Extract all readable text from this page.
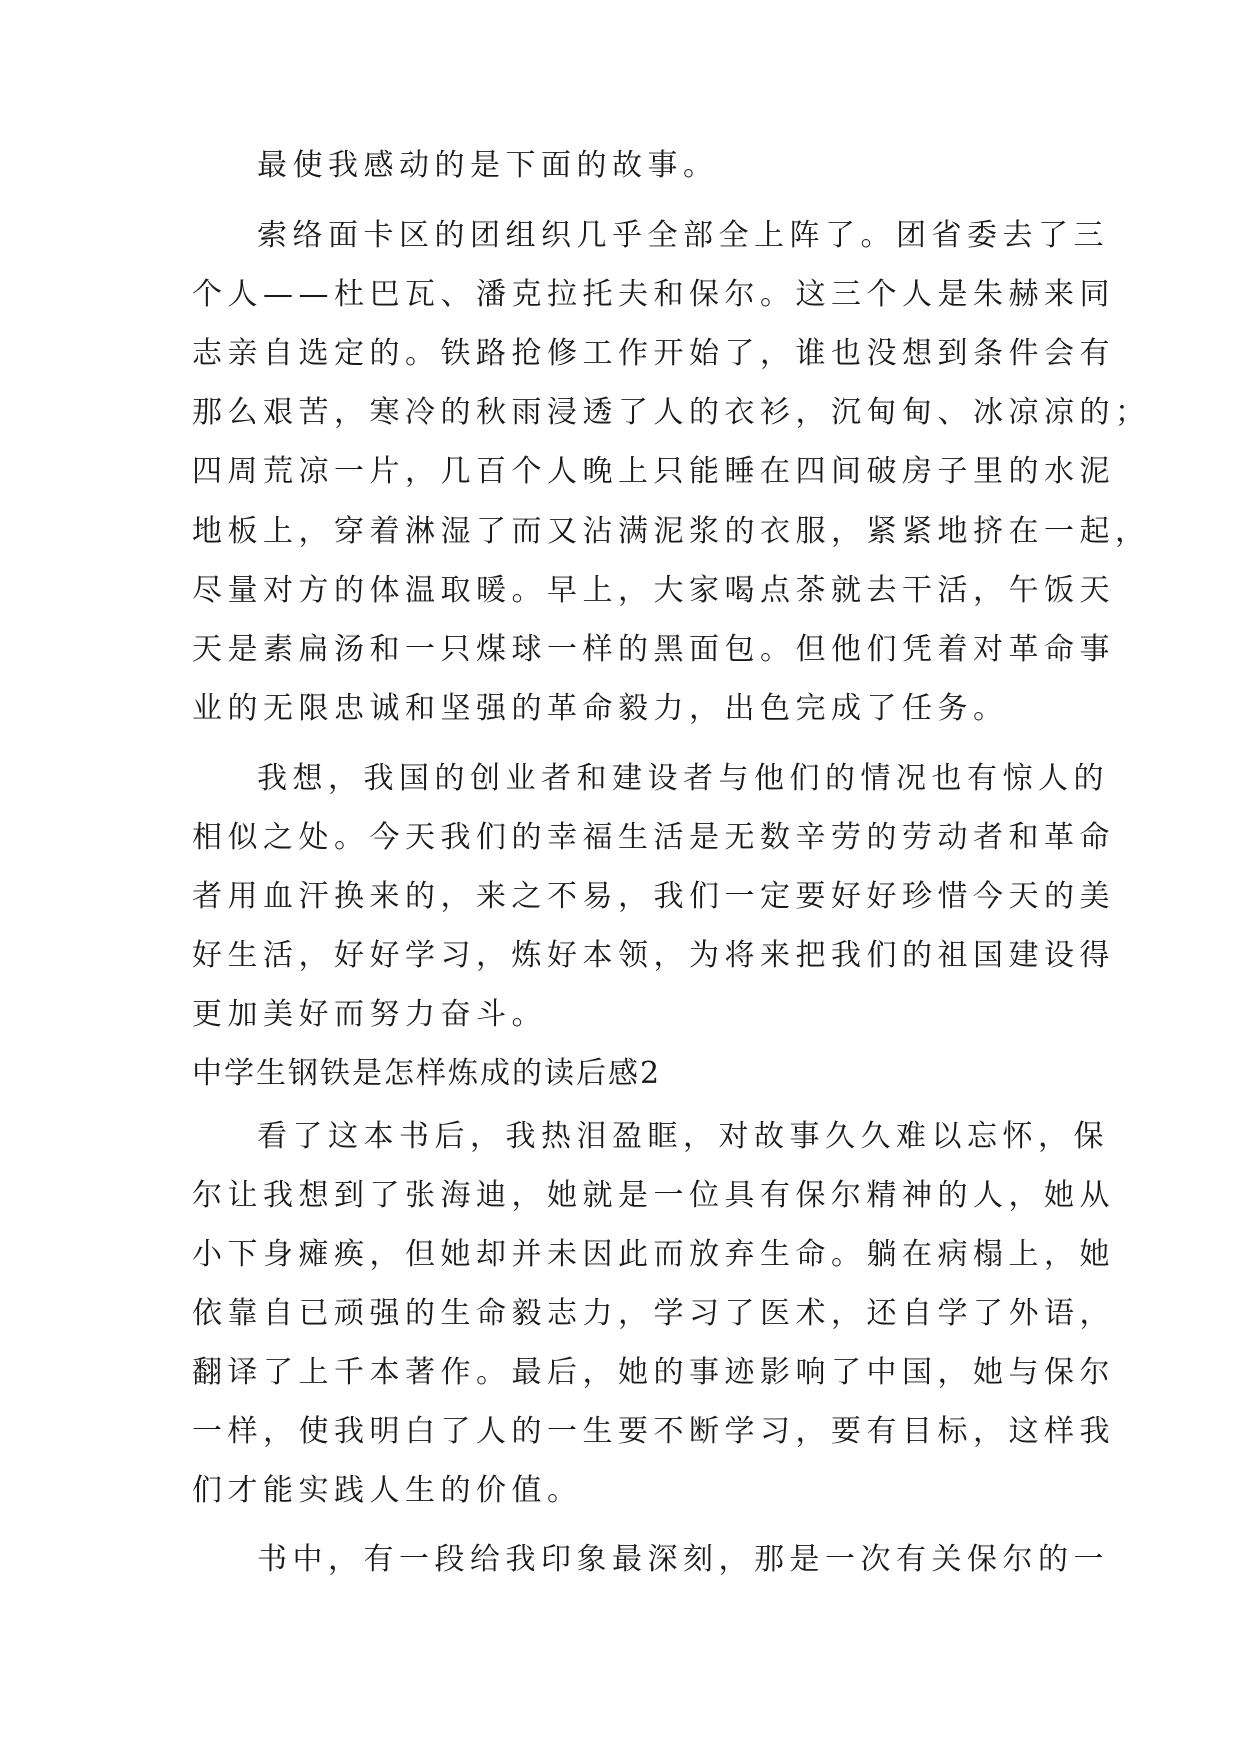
最使我感动的是下面的故事。
索络面卡区的团组织几乎全部全上阵了。团省委去了三
个人——杜巴瓦、潘克拉托夫和保尔。这三个人是朱赫来同
志亲自选定的。铁路抢修工作开始了，谁也没想到条件会有
那么艰苦，寒冷的秋雨浸透了人的衣衫，沉甸甸、冰凉凉的；
四周荒凉一片，几百个人晚上只能睡在四间破房子里的水泥
地板上，穿着淋湿了而又沾满泥浆的衣服，紧紧地挤在一起，
尽量对方的体温取暖。早上，大家喝点茶就去干活，午饭天
天是素扁汤和一只煤球一样的黑面包。但他们凭着对革命事
业的无限忠诚和坚强的革命毅力，出色完成了任务。
我想，我国的创业者和建设者与他们的情况也有惊人的
相似之处。今天我们的幸福生活是无数辛劳的劳动者和革命
者用血汗换来的，来之不易，我们一定要好好珍惜今天的美
好生活，好好学习，炼好本领，为将来把我们的祖国建设得
更加美好而努力奋斗。
中学生钢铁是怎样炼成的读后感2
看了这本书后，我热泪盈眶，对故事久久难以忘怀，保
尔让我想到了张海迪，她就是一位具有保尔精神的人，她从
小下身瘫痪，但她却并未因此而放弃生命。躺在病榻上，她
依靠自已顽强的生命毅志力，学习了医术，还自学了外语，
翻译了上千本著作。最后，她的事迹影响了中国，她与保尔
一样，使我明白了人的一生要不断学习，要有目标，这样我
们才能实践人生的价值。
书中，有一段给我印象最深刻，那是一次有关保尔的一
